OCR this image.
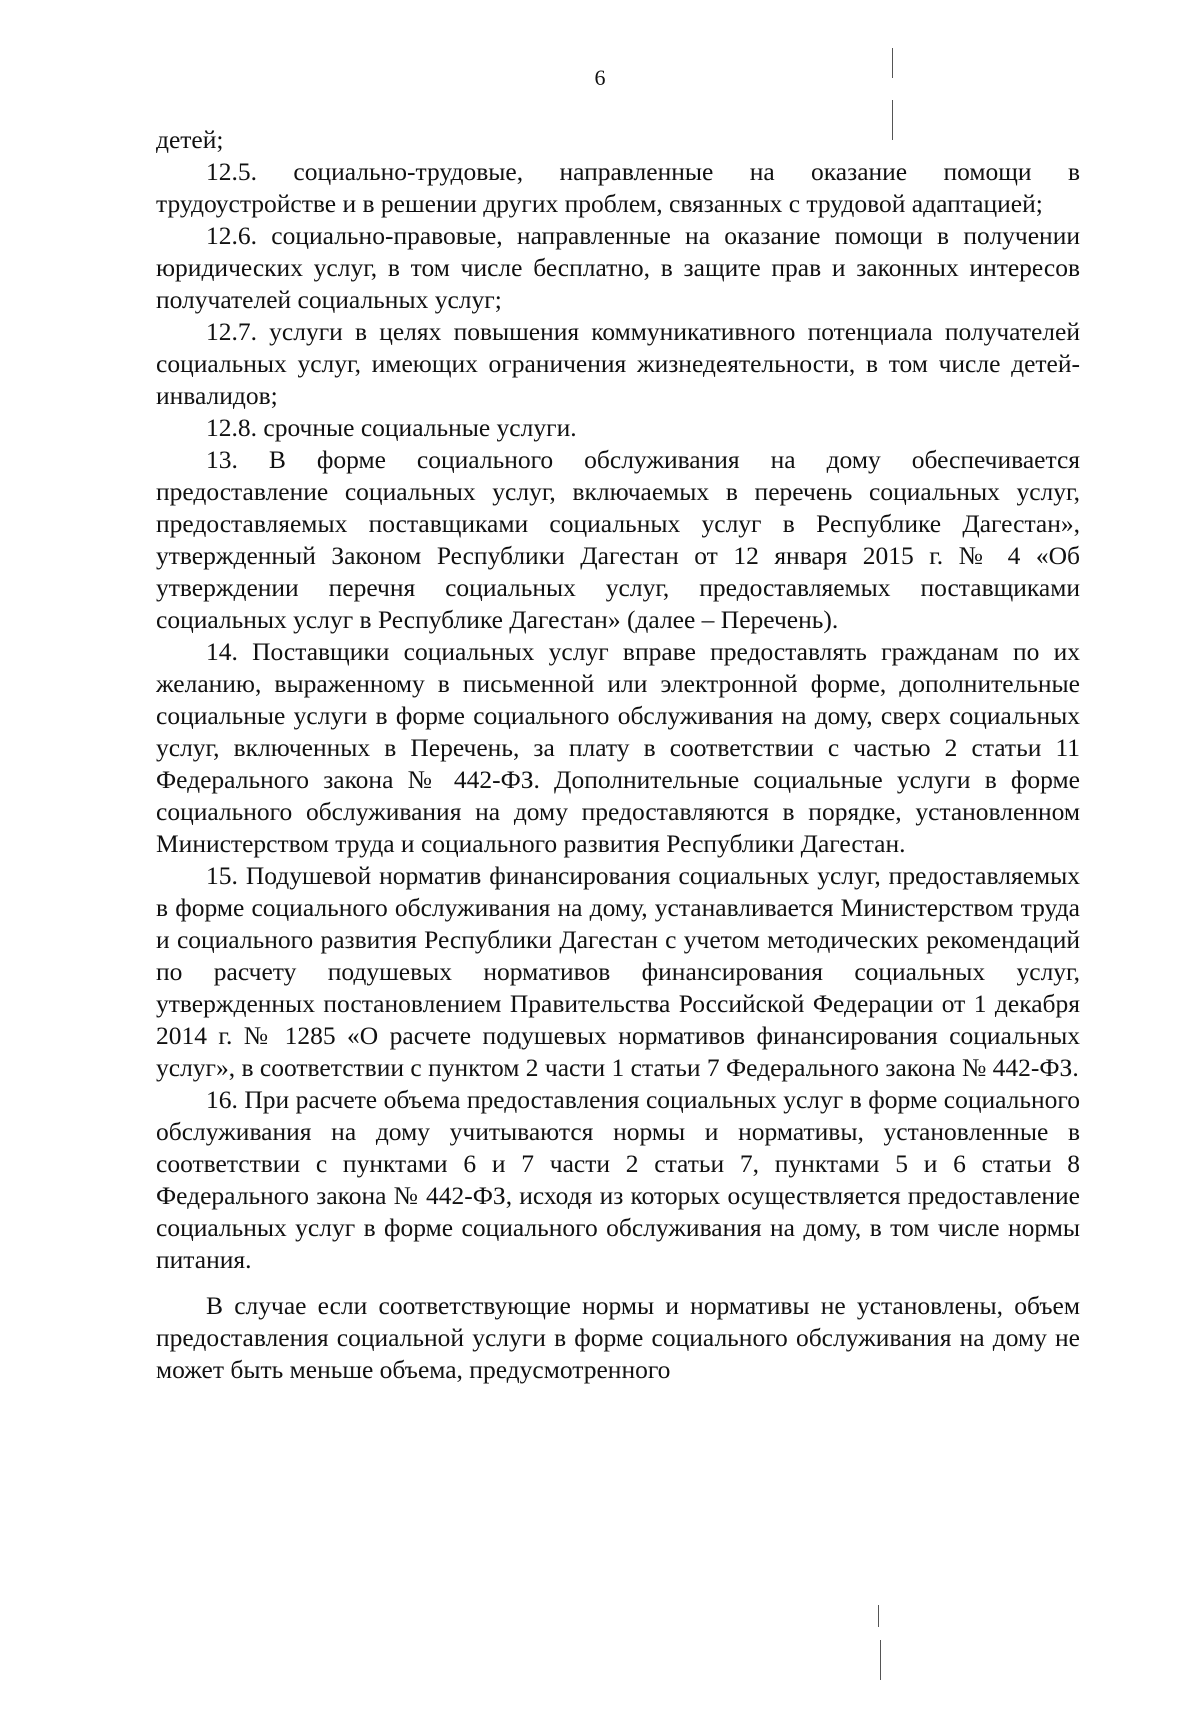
6

детей;

12.5. социально-трудовые, направленные на оказание помощи в трудоустройстве и в решении других проблем, связанных с трудовой адаптацией;

12.6. социально-правовые, направленные на оказание помощи в получении юридических услуг, в том числе бесплатно, в защите прав и законных интересов получателей социальных услуг;

12.7. услуги в целях повышения коммуникативного потенциала получателей социальных услуг, имеющих ограничения жизнедеятельности, в том числе детей-инвалидов;

12.8. срочные социальные услуги.

13. В форме социального обслуживания на дому обеспечивается предоставление социальных услуг, включаемых в перечень социальных услуг, предоставляемых поставщиками социальных услуг в Республике Дагестан», утвержденный Законом Республики Дагестан от 12 января 2015 г. № 4 «Об утверждении перечня социальных услуг, предоставляемых поставщиками социальных услуг в Республике Дагестан» (далее – Перечень).

14. Поставщики социальных услуг вправе предоставлять гражданам по их желанию, выраженному в письменной или электронной форме, дополнительные социальные услуги в форме социального обслуживания на дому, сверх социальных услуг, включенных в Перечень, за плату в соответствии с частью 2 статьи 11 Федерального закона № 442-ФЗ. Дополнительные социальные услуги в форме социального обслуживания на дому предоставляются в порядке, установленном Министерством труда и социального развития Республики Дагестан.

15. Подушевой норматив финансирования социальных услуг, предоставляемых в форме социального обслуживания на дому, устанавливается Министерством труда и социального развития Республики Дагестан с учетом методических рекомендаций по расчету подушевых нормативов финансирования социальных услуг, утвержденных постановлением Правительства Российской Федерации от 1 декабря 2014 г. № 1285 «О расчете подушевых нормативов финансирования социальных услуг», в соответствии с пунктом 2 части 1 статьи 7 Федерального закона № 442-ФЗ.

16. При расчете объема предоставления социальных услуг в форме социального обслуживания на дому учитываются нормы и нормативы, установленные в соответствии с пунктами 6 и 7 части 2 статьи 7, пунктами 5 и 6 статьи 8 Федерального закона № 442-ФЗ, исходя из которых осуществляется предоставление социальных услуг в форме социального обслуживания на дому, в том числе нормы питания.

В случае если соответствующие нормы и нормативы не установлены, объем предоставления социальной услуги в форме социального обслуживания на дому не может быть меньше объема, предусмотренного
